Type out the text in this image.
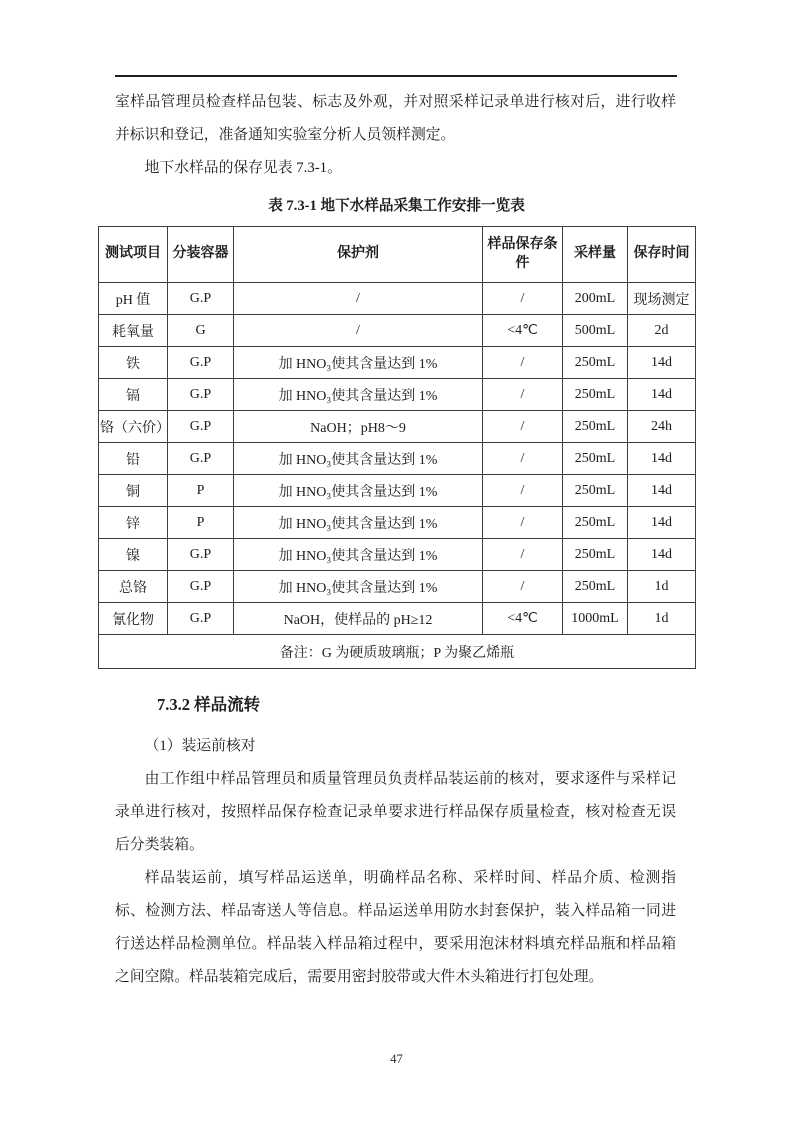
室样品管理员检查样品包装、标志及外观，并对照采样记录单进行核对后，进行收样并标识和登记，准备通知实验室分析人员领样测定。

地下水样品的保存见表 7.3-1。

表 7.3-1 地下水样品采集工作安排一览表
测试项目	分装容器	保护剂	样品保存条件	采样量	保存时间
pH 值	G.P	/	/	200mL	现场测定
耗氧量	G	/	<4℃	500mL	2d
铁	G.P	加 HNO₃使其含量达到 1%	/	250mL	14d
镉	G.P	加 HNO₃使其含量达到 1%	/	250mL	14d
铬（六价）	G.P	NaOH；pH8～9	/	250mL	24h
铅	G.P	加 HNO₃使其含量达到 1%	/	250mL	14d
铜	P	加 HNO₃使其含量达到 1%	/	250mL	14d
锌	P	加 HNO₃使其含量达到 1%	/	250mL	14d
镍	G.P	加 HNO₃使其含量达到 1%	/	250mL	14d
总铬	G.P	加 HNO₃使其含量达到 1%	/	250mL	1d
氰化物	G.P	NaOH，使样品的 pH≥12	<4℃	1000mL	1d
备注：G 为硬质玻璃瓶；P 为聚乙烯瓶					
7.3.2 样品流转
（1）装运前核对

由工作组中样品管理员和质量管理员负责样品装运前的核对，要求逐件与采样记录单进行核对，按照样品保存检查记录单要求进行样品保存质量检查，核对检查无误后分类装箱。

样品装运前，填写样品运送单，明确样品名称、采样时间、样品介质、检测指标、检测方法、样品寄送人等信息。样品运送单用防水封套保护，装入样品箱一同进行送达样品检测单位。样品装入样品箱过程中，要采用泡沫材料填充样品瓶和样品箱之间空隙。样品装箱完成后，需要用密封胶带或大件木头箱进行打包处理。

47
